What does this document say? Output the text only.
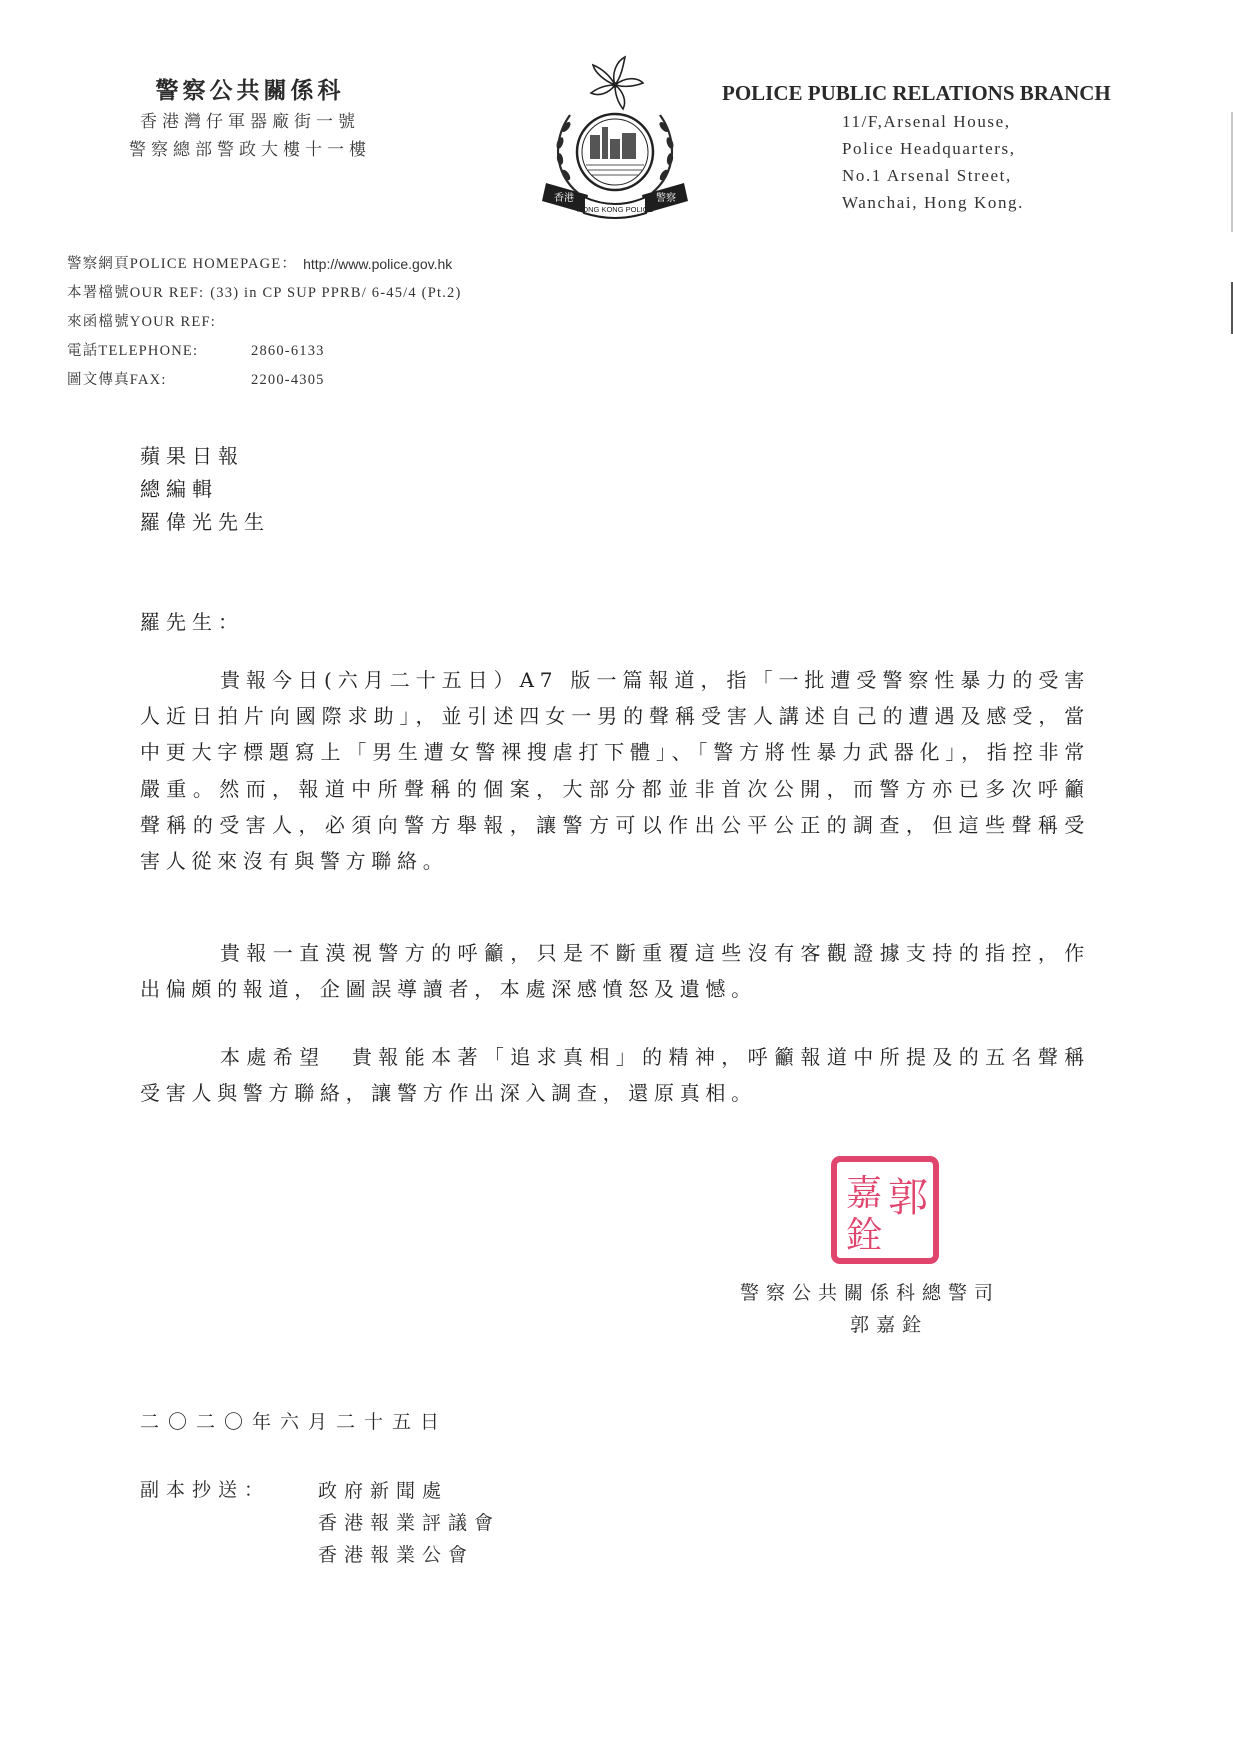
警察公共關係科
香港灣仔軍器廠街一號
警察總部警政大樓十一樓
HONG KONG POLICE
香港	警察
POLICE PUBLIC RELATIONS BRANCH
11/F,Arsenal House,
Police Headquarters,
No.1 Arsenal Street,
Wanchai, Hong Kong.
警察網頁POLICE HOMEPAGE： http://www.police.gov.hk
本署檔號OUR REF: (33) in CP SUP PPRB/ 6-45/4 (Pt.2)
來函檔號YOUR REF:
電話TELEPHONE:	2860-6133
圖文傳真FAX:	2200-4305
蘋果日報
總編輯
羅偉光先生
羅先生：
貴報今日(六月二十五日）A7 版一篇報道，指「一批遭受警察性暴力的受害人近日拍片向國際求助」，並引述四女一男的聲稱受害人講述自己的遭遇及感受，當中更大字標題寫上「男生遭女警裸搜虐打下體」、「警方將性暴力武器化」，指控非常嚴重。然而，報道中所聲稱的個案，大部分都並非首次公開，而警方亦已多次呼籲聲稱的受害人，必須向警方舉報，讓警方可以作出公平公正的調查，但這些聲稱受害人從來沒有與警方聯絡。
貴報一直漠視警方的呼籲，只是不斷重覆這些沒有客觀證據支持的指控，作出偏頗的報道，企圖誤導讀者，本處深感憤怒及遺憾。
本處希望　貴報能本著「追求真相」的精神，呼籲報道中所提及的五名聲稱受害人與警方聯絡，讓警方作出深入調查，還原真相。
郭
嘉
銓
警察公共關係科總警司
郭嘉銓
二〇二〇年六月二十五日
副本抄送：	政府新聞處
香港報業評議會
香港報業公會
